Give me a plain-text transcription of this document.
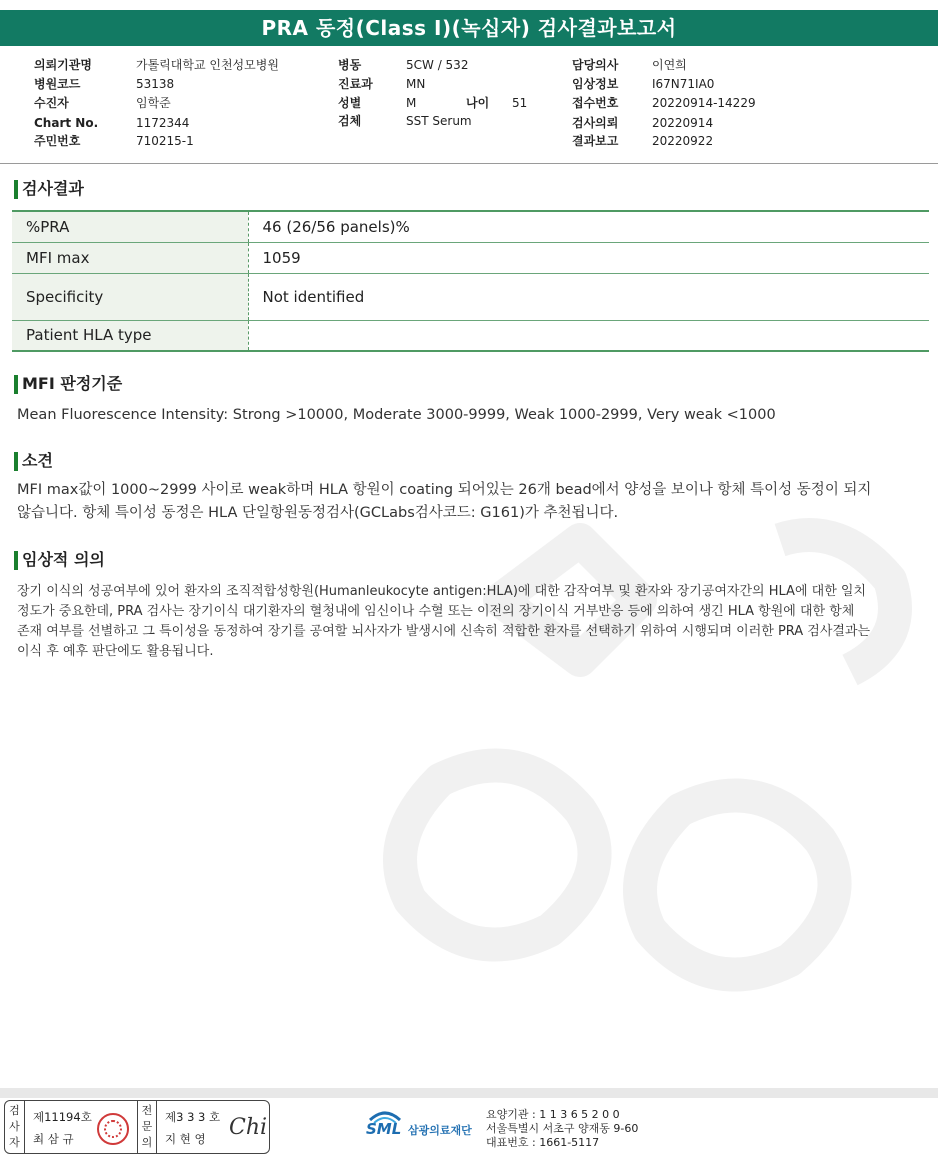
PRA 동정(Class I)(녹십자) 검사결과보고서
의뢰기관명	가톨릭대학교 인천성모병원
병원코드	53138
수진자	임학준
Chart No.	1172344
주민번호	710215-1
병동	5CW / 532
진료과	MN
성별	M	나이 51
검체	SST Serum
담당의사	이연희
임상정보	I67N71IA0
접수번호	20220914-14229
검사의뢰	20220914
결과보고	20220922
검사결과
%PRA	46 (26/56 panels)%
MFI max	1059
Specificity	Not identified
Patient HLA type	
MFI 판정기준
Mean Fluorescence Intensity: Strong >10000, Moderate 3000-9999, Weak 1000-2999, Very weak <1000
소견
MFI max값이 1000~2999 사이로 weak하며 HLA 항원이 coating 되어있는 26개 bead에서 양성을 보이나 항체 특이성 동정이 되지
않습니다. 항체 특이성 동정은 HLA 단일항원동정검사(GCLabs검사코드: G161)가 추천됩니다.
임상적 의의
장기 이식의 성공여부에 있어 환자의 조직적합성항원(Humanleukocyte antigen:HLA)에 대한 감작여부 및 환자와 장기공여자간의 HLA에 대한 일치
정도가 중요한데, PRA 검사는 장기이식 대기환자의 혈청내에 임신이나 수혈 또는 이전의 장기이식 거부반응 등에 의하여 생긴 HLA 항원에 대한 항체
존재 여부를 선별하고 그 특이성을 동정하여 장기를 공여할 뇌사자가 발생시에 신속히 적합한 환자를 선택하기 위하여 시행되며 이러한 PRA 검사결과는
이식 후 예후 판단에도 활용됩니다.
검사자
제11194호
최 삼 규
전문의
제3 3 3 호
지 현 영 Chi	SML 삼광의료재단
요양기관 : 1 1 3 6 5 2 0 0
서울특별시 서초구 양재동 9-60
대표번호 : 1661-5117
